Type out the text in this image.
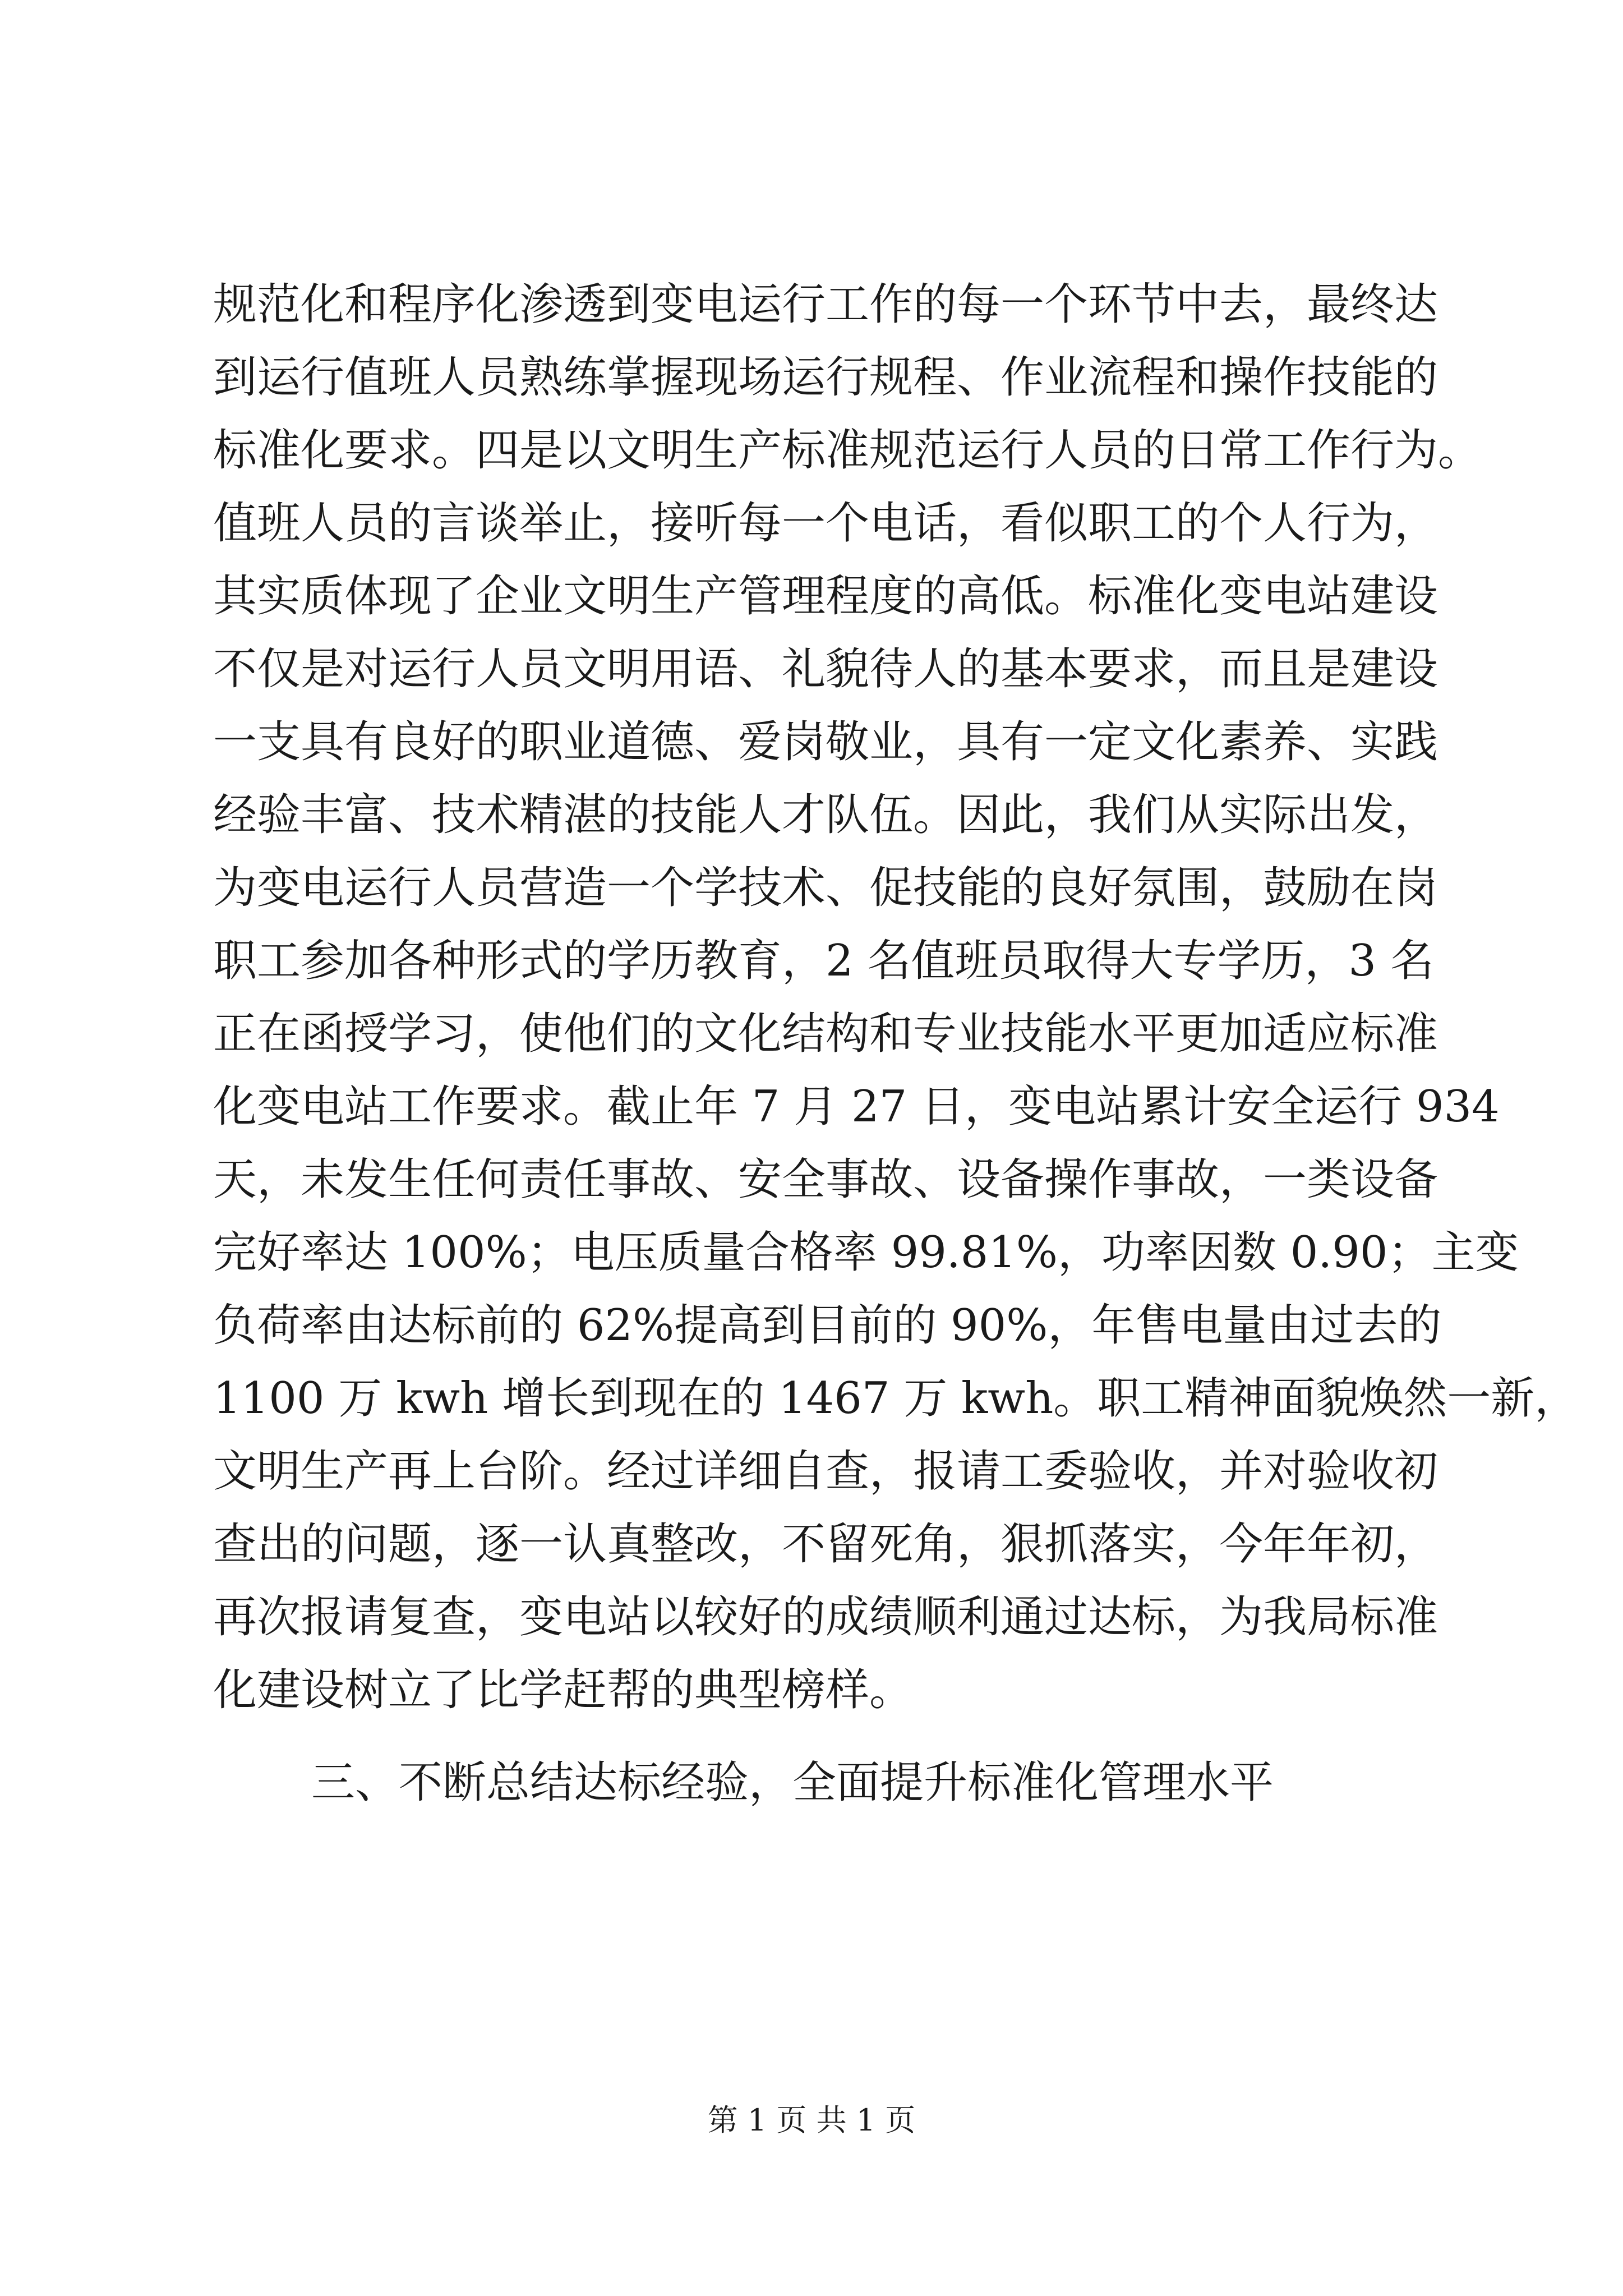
规范化和程序化渗透到变电运行工作的每一个环节中去，最终达
到运行值班人员熟练掌握现场运行规程、作业流程和操作技能的
标准化要求。四是以文明生产标准规范运行人员的日常工作行为。
值班人员的言谈举止，接听每一个电话，看似职工的个人行为，
其实质体现了企业文明生产管理程度的高低。标准化变电站建设
不仅是对运行人员文明用语、礼貌待人的基本要求，而且是建设
一支具有良好的职业道德、爱岗敬业，具有一定文化素养、实践
经验丰富、技术精湛的技能人才队伍。因此，我们从实际出发，
为变电运行人员营造一个学技术、促技能的良好氛围，鼓励在岗
职工参加各种形式的学历教育，2 名值班员取得大专学历，3 名
正在函授学习，使他们的文化结构和专业技能水平更加适应标准
化变电站工作要求。截止年 7 月 27 日，变电站累计安全运行 934
天，未发生任何责任事故、安全事故、设备操作事故，一类设备
完好率达 100%；电压质量合格率 99.81%，功率因数 0.90；主变
负荷率由达标前的 62%提高到目前的 90%，年售电量由过去的
1100 万 kwh 增长到现在的 1467 万 kwh。职工精神面貌焕然一新，
文明生产再上台阶。经过详细自查，报请工委验收，并对验收初
查出的问题，逐一认真整改，不留死角，狠抓落实，今年年初，
再次报请复查，变电站以较好的成绩顺利通过达标，为我局标准
化建设树立了比学赶帮的典型榜样。
三、不断总结达标经验，全面提升标准化管理水平
第 1 页 共 1 页
